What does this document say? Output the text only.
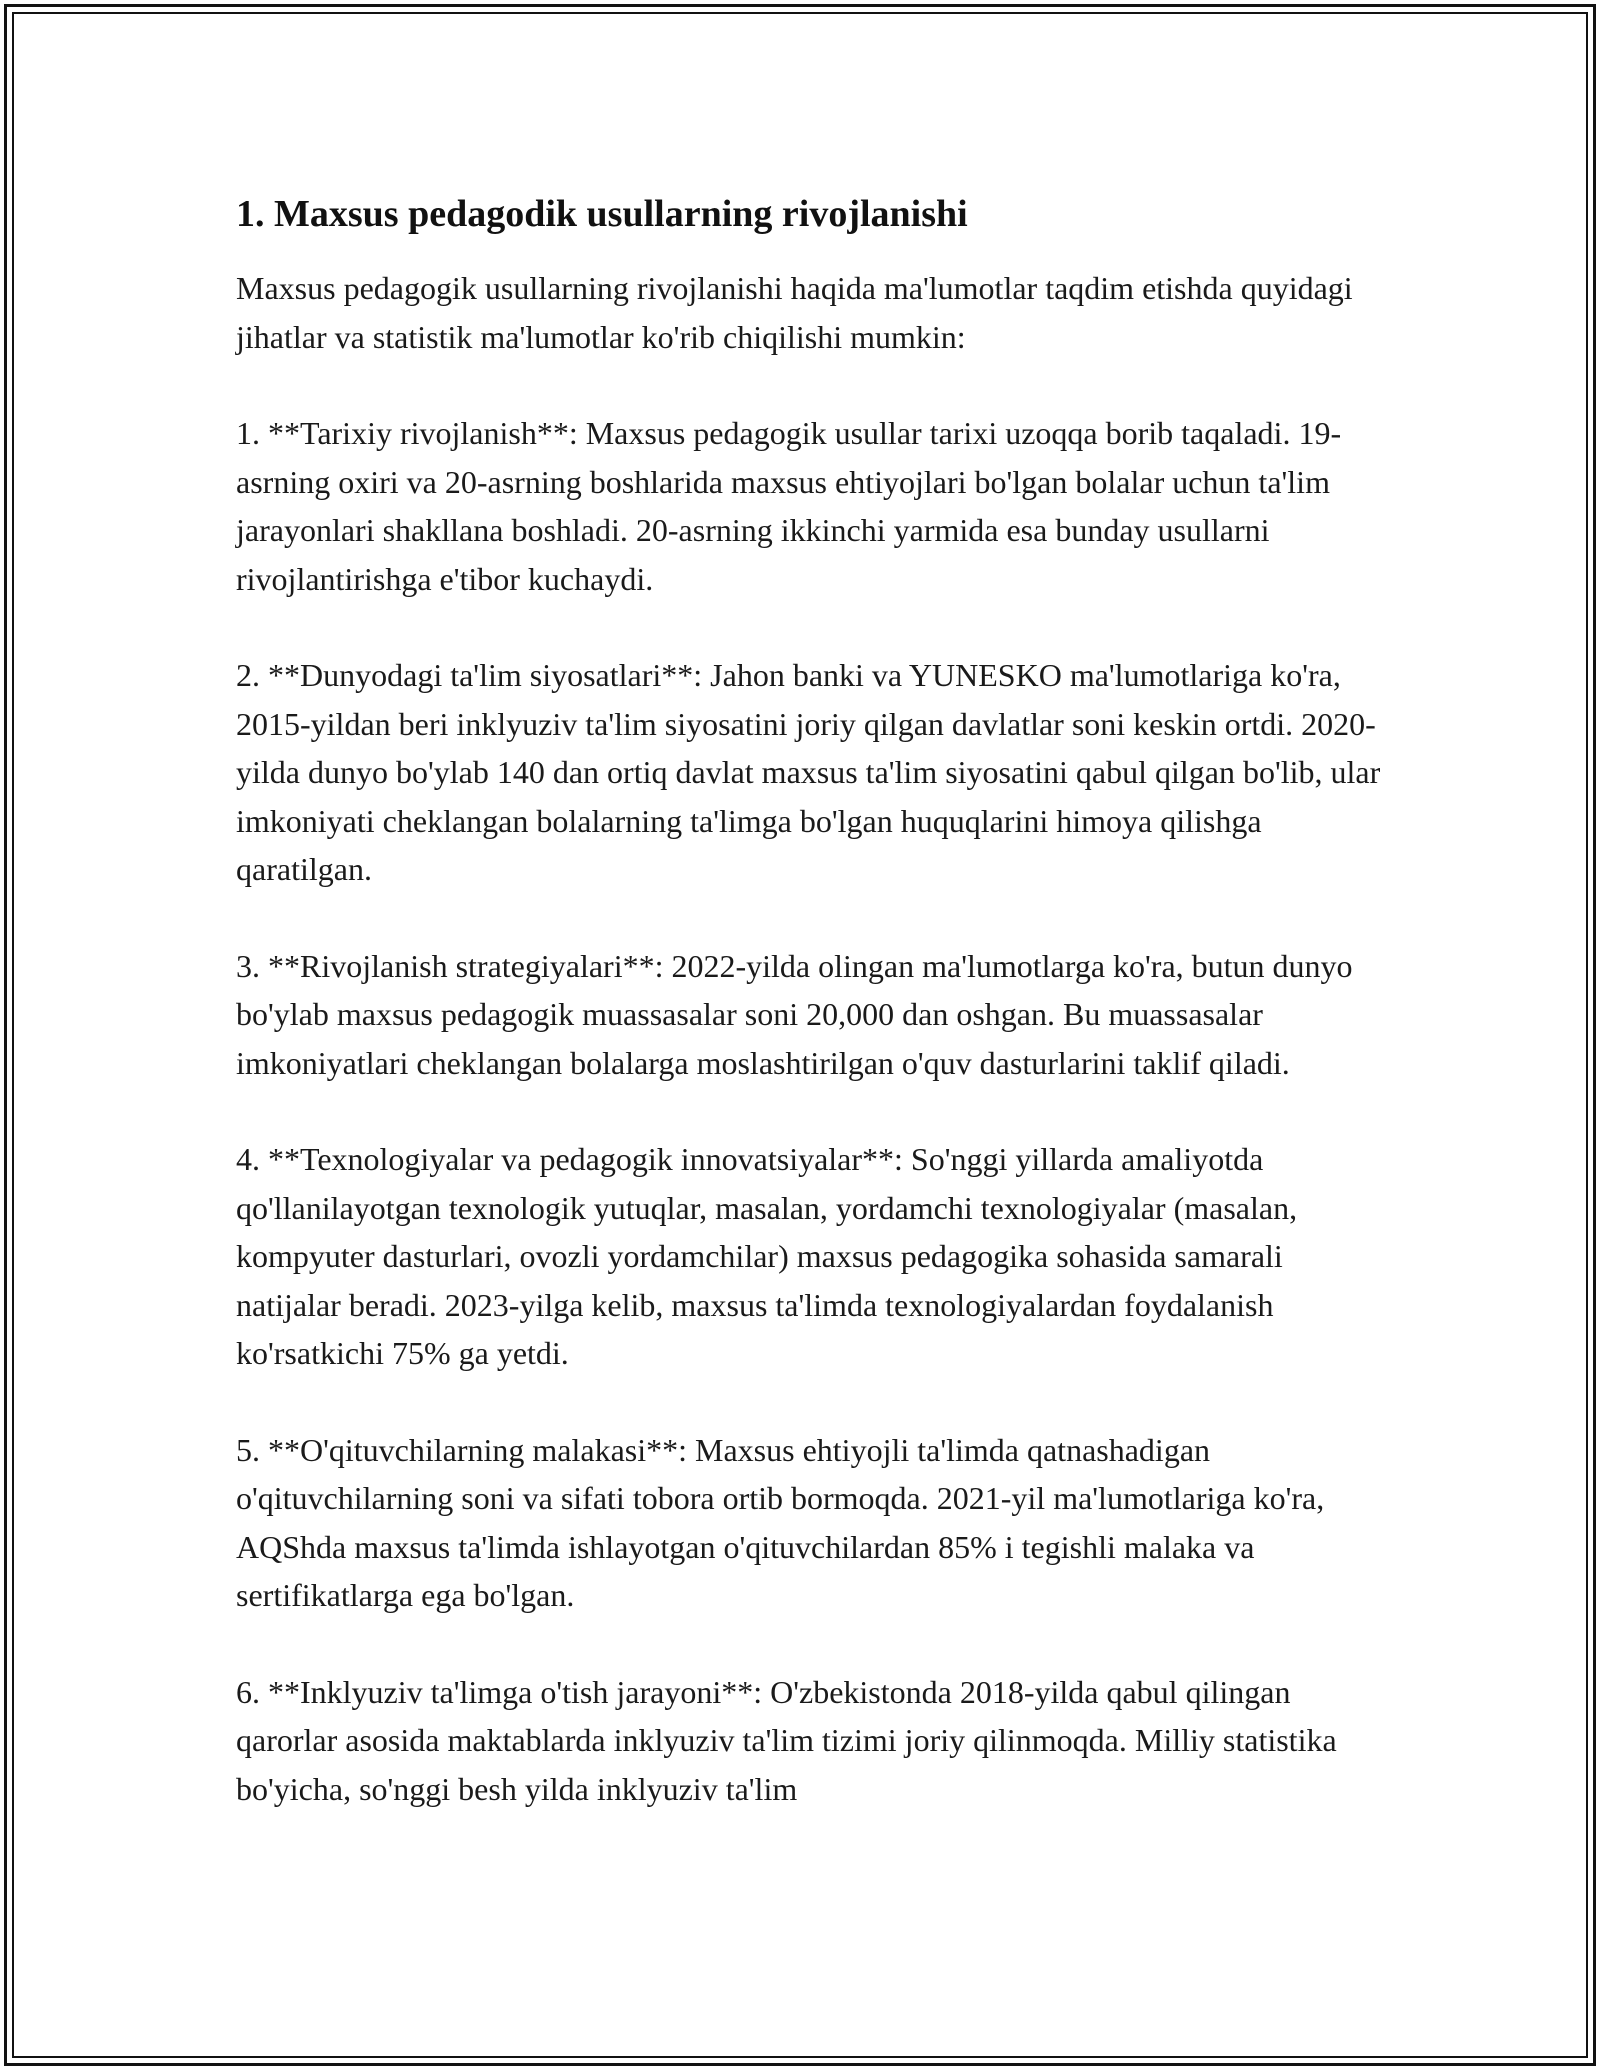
1. Maxsus pedagodik usullarning rivojlanishi

Maxsus pedagogik usullarning rivojlanishi haqida ma'lumotlar taqdim etishda quyidagi jihatlar va statistik ma'lumotlar ko'rib chiqilishi mumkin:

1. **Tarixiy rivojlanish**: Maxsus pedagogik usullar tarixi uzoqqa borib taqaladi. 19-asrning oxiri va 20-asrning boshlarida maxsus ehtiyojlari bo'lgan bolalar uchun ta'lim jarayonlari shakllana boshladi. 20-asrning ikkinchi yarmida esa bunday usullarni rivojlantirishga e'tibor kuchaydi.

2. **Dunyodagi ta'lim siyosatlari**: Jahon banki va YUNESKO ma'lumotlariga ko'ra, 2015-yildan beri inklyuziv ta'lim siyosatini joriy qilgan davlatlar soni keskin ortdi. 2020-yilda dunyo bo'ylab 140 dan ortiq davlat maxsus ta'lim siyosatini qabul qilgan bo'lib, ular imkoniyati cheklangan bolalarning ta'limga bo'lgan huquqlarini himoya qilishga qaratilgan.

3. **Rivojlanish strategiyalari**: 2022-yilda olingan ma'lumotlarga ko'ra, butun dunyo bo'ylab maxsus pedagogik muassasalar soni 20,000 dan oshgan. Bu muassasalar imkoniyatlari cheklangan bolalarga moslashtirilgan o'quv dasturlarini taklif qiladi.

4. **Texnologiyalar va pedagogik innovatsiyalar**: So'nggi yillarda amaliyotda qo'llanilayotgan texnologik yutuqlar, masalan, yordamchi texnologiyalar (masalan, kompyuter dasturlari, ovozli yordamchilar) maxsus pedagogika sohasida samarali natijalar beradi. 2023-yilga kelib, maxsus ta'limda texnologiyalardan foydalanish ko'rsatkichi 75% ga yetdi.

5. **O'qituvchilarning malakasi**: Maxsus ehtiyojli ta'limda qatnashadigan o'qituvchilarning soni va sifati tobora ortib bormoqda. 2021-yil ma'lumotlariga ko'ra, AQShda maxsus ta'limda ishlayotgan o'qituvchilardan 85% i tegishli malaka va sertifikatlarga ega bo'lgan.

6. **Inklyuziv ta'limga o'tish jarayoni**: O'zbekistonda 2018-yilda qabul qilingan qarorlar asosida maktablarda inklyuziv ta'lim tizimi joriy qilinmoqda. Milliy statistika bo'yicha, so'nggi besh yilda inklyuziv ta'lim
